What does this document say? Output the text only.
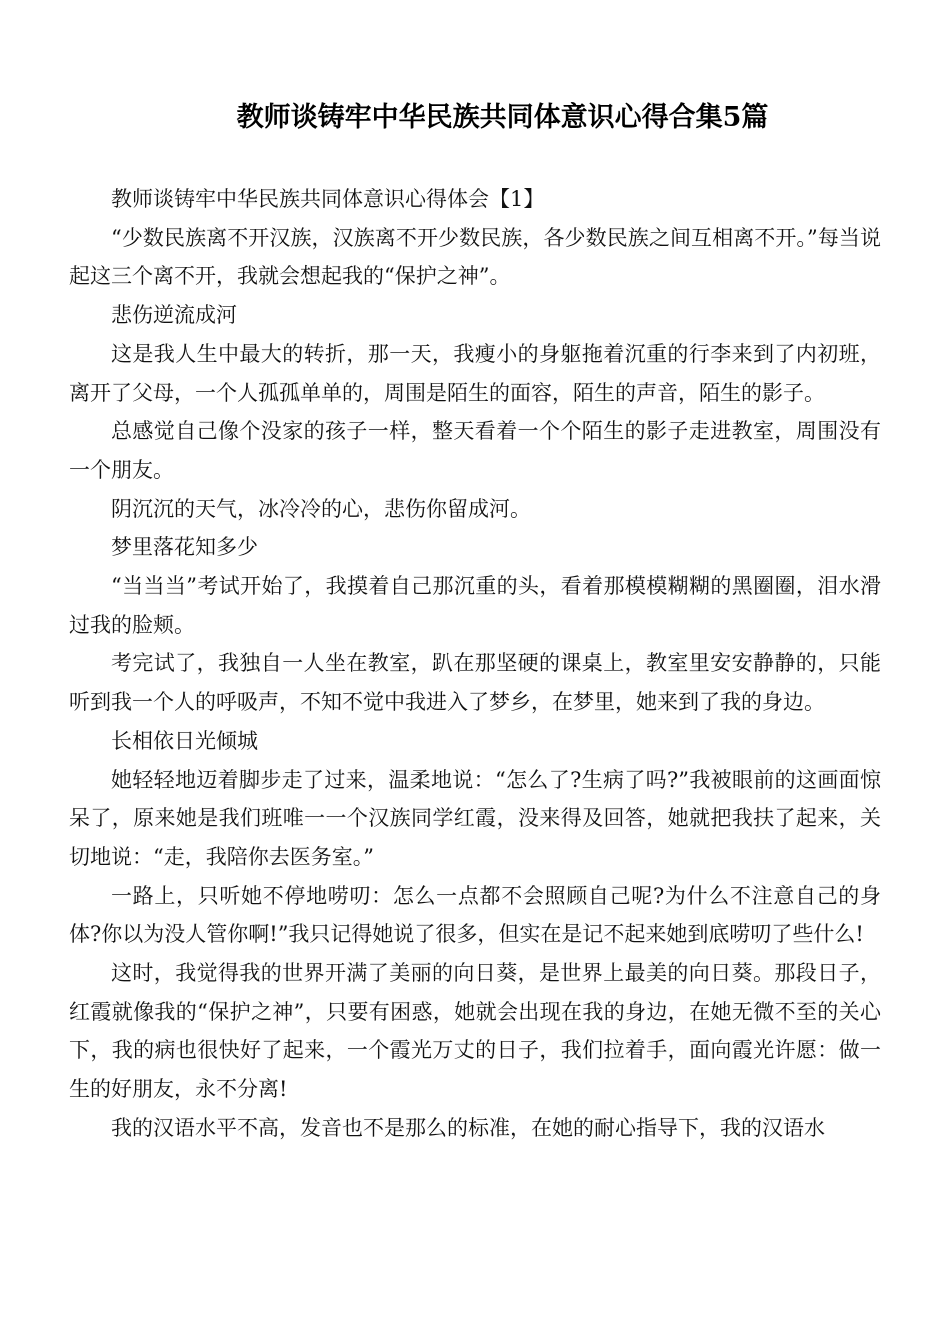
教师谈铸牢中华民族共同体意识心得合集5篇

教师谈铸牢中华民族共同体意识心得体会【1】

“少数民族离不开汉族，汉族离不开少数民族，各少数民族之间互相离不开。”每当说起这三个离不开，我就会想起我的“保护之神”。

悲伤逆流成河

这是我人生中最大的转折，那一天，我瘦小的身躯拖着沉重的行李来到了内初班，离开了父母，一个人孤孤单单的，周围是陌生的面容，陌生的声音，陌生的影子。

总感觉自己像个没家的孩子一样，整天看着一个个陌生的影子走进教室，周围没有一个朋友。

阴沉沉的天气，冰冷冷的心，悲伤你留成河。

梦里落花知多少

“当当当”考试开始了，我摸着自己那沉重的头，看着那模模糊糊的黑圈圈，泪水滑过我的脸颊。

考完试了，我独自一人坐在教室，趴在那坚硬的课桌上，教室里安安静静的，只能听到我一个人的呼吸声，不知不觉中我进入了梦乡，在梦里，她来到了我的身边。

长相依日光倾城

她轻轻地迈着脚步走了过来，温柔地说：“怎么了?生病了吗?”我被眼前的这画面惊呆了，原来她是我们班唯一一个汉族同学红霞，没来得及回答，她就把我扶了起来，关切地说：“走，我陪你去医务室。”

一路上，只听她不停地唠叨：怎么一点都不会照顾自己呢?为什么不注意自己的身体?你以为没人管你啊!”我只记得她说了很多，但实在是记不起来她到底唠叨了些什么!

这时，我觉得我的世界开满了美丽的向日葵，是世界上最美的向日葵。那段日子，红霞就像我的“保护之神”，只要有困惑，她就会出现在我的身边，在她无微不至的关心下，我的病也很快好了起来，一个霞光万丈的日子，我们拉着手，面向霞光许愿：做一生的好朋友，永不分离!

我的汉语水平不高，发音也不是那么的标准，在她的耐心指导下，我的汉语水
